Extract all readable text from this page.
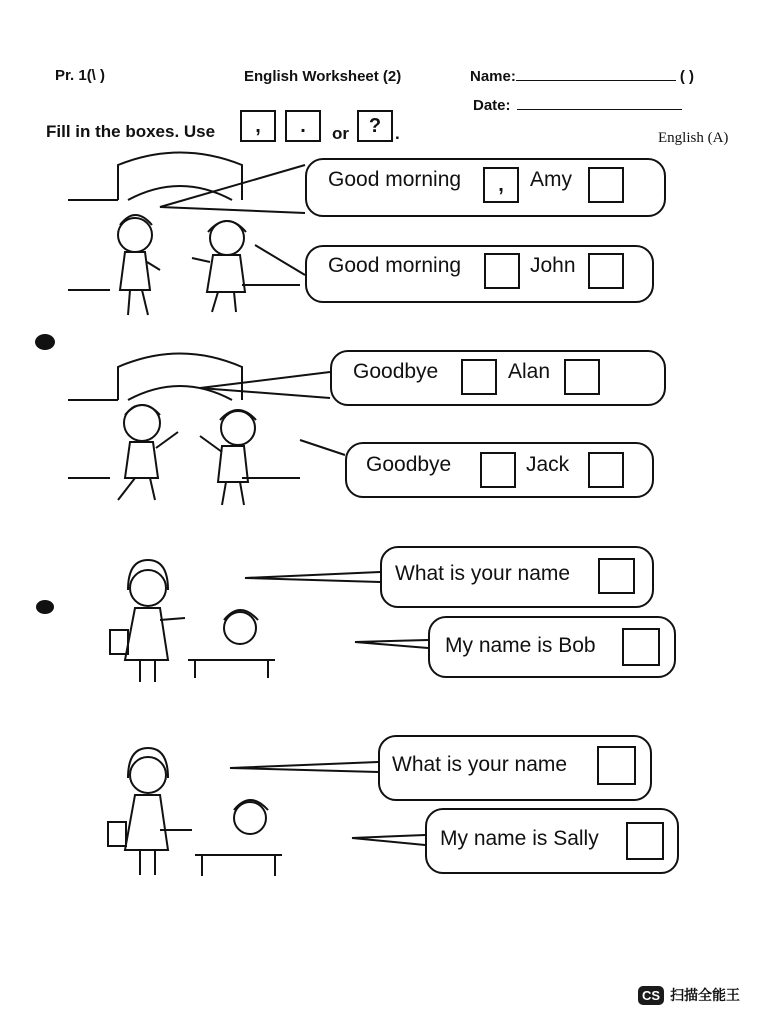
Pr. 1(\ )	English Worksheet (2)	Name:	( )
Date:
English (A)
Fill in the boxes. Use	,	.	or ? .
Good morning	,	Amy
Good morning	John
Goodbye	Alan
Goodbye	Jack
What is your name
My name is Bob
What is your name
My name is Sally
CS 扫描全能王
